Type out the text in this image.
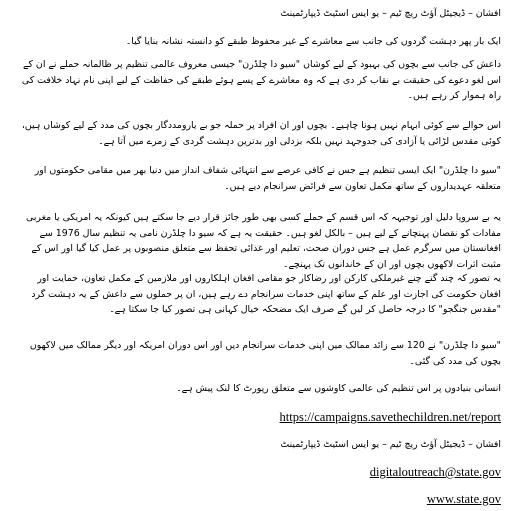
افشان – ڈیجیٹل آؤٹ ریچ ٹیم – یو ایس اسٹیٹ ڈیپارٹمینٹ

ایک بار پھر دہشت گردوں کی جانب سے معاشرے کے غیر محفوظ طبقے کو دانستہ نشانہ بنایا گیا۔

داعش کی جانب سے بچوں کی بہبود کے لیے کوشاں "سیو دا چلڈرن" جیسی معروف عالمی تنظیم پر ظالمانہ حملے نے ان کے اس لغو دعوے کی حقیقت بے نقاب کر دی ہے کہ وہ معاشرے کے پسے ہوئے طبقے کی حفاظت کے لیے اپنی نام نہاد خلافت کی راہ ہموار کر رہے ہیں۔

اس حوالے سے کوئی ابہام نہیں ہونا چاہیے۔ بچوں اور ان افراد پر حملہ جو بے یارومددگار بچوں کی مدد کے لیے کوشاں ہیں، کوئی مقدس لڑائی یا آزادی کی جدوجہد نہیں بلکہ بزدلی اور بدترین دہشت گردی کے زمرے میں آتا ہے۔

"سیو دا چلڈرن" ایک ایسی تنظیم ہے جس نے کافی عرصے سے انتہائی شفاف انداز میں دنیا بھر میں مقامی حکومتوں اور متعلقہ عہدیداروں کے ساتھ مکمل تعاون سے فرائض سرانجام دیے ہیں۔

یہ بے سروپا دلیل اور توجیہہ کہ اس قسم کے حملے کسی بھی طور جائز قرار دیے جا سکتے ہیں کیونکہ یہ امریکی یا مغربی مفادات کو نقصان پہنچانے کے لیے ہیں – بالکل لغو ہیں۔ حقیقت یہ ہے کہ سیو دا چلڈرن نامی یہ تنظیم سال 1976 سے افغانستان میں سرگرم عمل ہے جس دوران صحت، تعلیم اور غذائی تحفظ سے متعلق منصوبوں پر عمل کیا گیا اور اس کے مثبت اثرات لاکھوں بچوں اور ان کے خاندانوں تک پہنچے۔

یہ تصور کہ چند گنے چنے غیرملکی کارکن اور رضاکار جو مقامی افغان اہلکاروں اور ملازمین کے مکمل تعاون، حمایت اور افغان حکومت کی اجازت اور علم کے ساتھ اپنی خدمات سرانجام دے رہے ہیں، ان پر حملوں سے داعش کے یہ دہشت گرد "مقدس جنگجو" کا درجہ حاصل کر لیں گے صرف ایک مضحکہ خیال کہانی ہی تصور کیا جا سکتا ہے۔

"سیو دا چلڈرن" نے 120 سے زائد ممالک میں اپنی خدمات سرانجام دیں اور اس دوران امریکہ اور دیگر ممالک میں لاکھوں بچوں کی مدد کی گئی۔

انسانی بنیادوں پر اس تنظیم کی عالمی کاوشوں سے متعلق رپورٹ کا لنک پیش ہے۔

https://campaigns.savethechildren.net/report

افشان – ڈیجیٹل آؤٹ ریچ ٹیم – یو ایس اسٹیٹ ڈیپارٹمینٹ

digitaloutreach@state.gov

www.state.gov
